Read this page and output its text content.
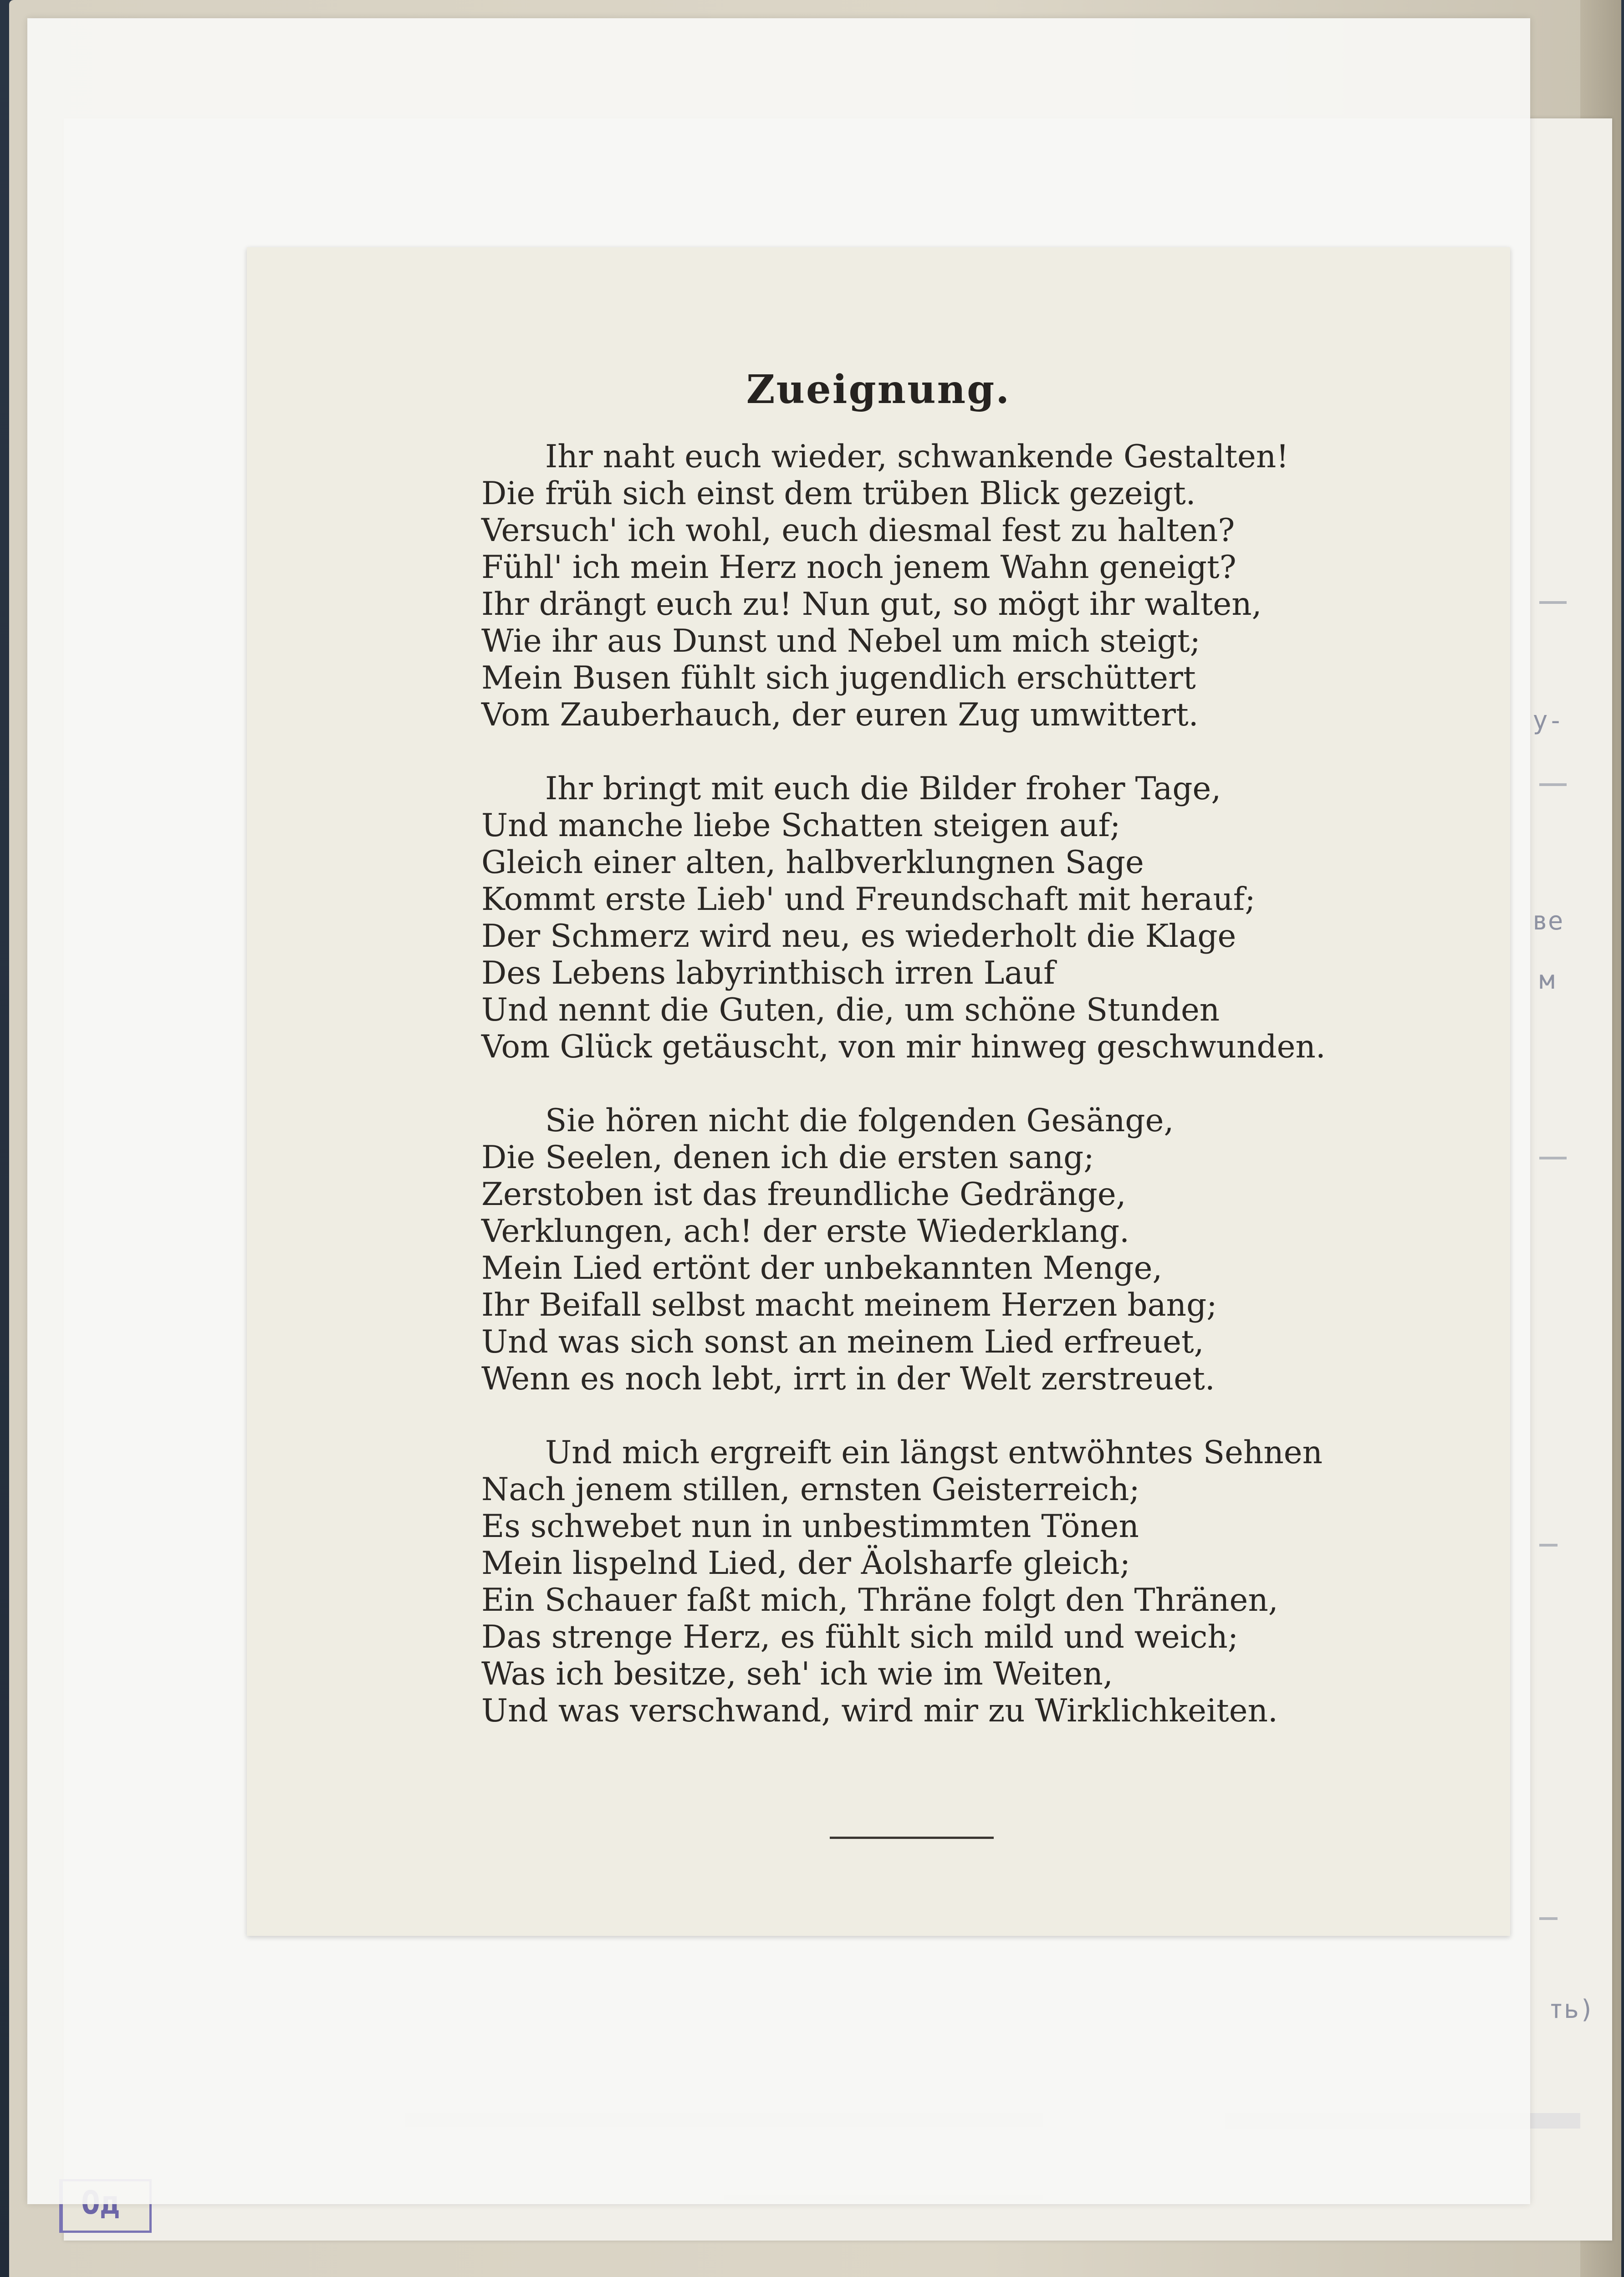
у-
ве
м
ть)
Zueignung.
Ihr naht euch wieder, schwankende Gestalten!
Die früh sich einst dem trüben Blick gezeigt.
Versuch' ich wohl, euch diesmal fest zu halten?
Fühl' ich mein Herz noch jenem Wahn geneigt?
Ihr drängt euch zu! Nun gut, so mögt ihr walten,
Wie ihr aus Dunst und Nebel um mich steigt;
Mein Busen fühlt sich jugendlich erschüttert
Vom Zauberhauch, der euren Zug umwittert.
Ihr bringt mit euch die Bilder froher Tage,
Und manche liebe Schatten steigen auf;
Gleich einer alten, halbverklungnen Sage
Kommt erste Lieb' und Freundschaft mit herauf;
Der Schmerz wird neu, es wiederholt die Klage
Des Lebens labyrinthisch irren Lauf
Und nennt die Guten, die, um schöne Stunden
Vom Glück getäuscht, von mir hinweg geschwunden.
Sie hören nicht die folgenden Gesänge,
Die Seelen, denen ich die ersten sang;
Zerstoben ist das freundliche Gedränge,
Verklungen, ach! der erste Wiederklang.
Mein Lied ertönt der unbekannten Menge,
Ihr Beifall selbst macht meinem Herzen bang;
Und was sich sonst an meinem Lied erfreuet,
Wenn es noch lebt, irrt in der Welt zerstreuet.
Und mich ergreift ein längst entwöhntes Sehnen
Nach jenem stillen, ernsten Geisterreich;
Es schwebet nun in unbestimmten Tönen
Mein lispelnd Lied, der Äolsharfe gleich;
Ein Schauer faßt mich, Thräne folgt den Thränen,
Das strenge Herz, es fühlt sich mild und weich;
Was ich besitze, seh' ich wie im Weiten,
Und was verschwand, wird mir zu Wirklichkeiten.
